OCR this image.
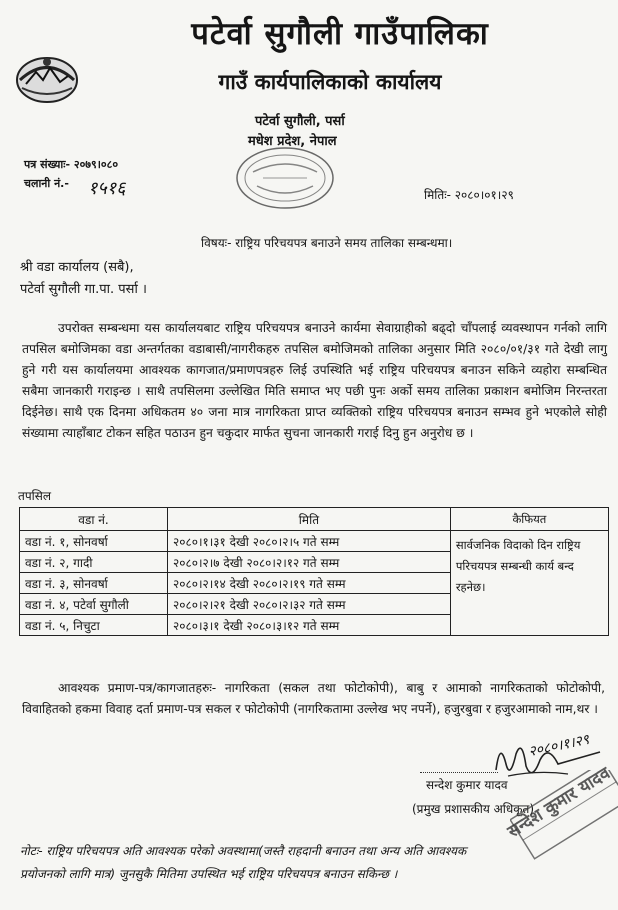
पटेर्वा सुगौली गाउँपालिका
गाउँ कार्यपालिकाको कार्यालय
पटेर्वा सुगौली, पर्सा
मधेश प्रदेश, नेपाल
पत्र संख्याः- २०७९।०८०
चलानी नं.- १५१६	मितिः- २०८०।०१।२९
विषयः- राष्ट्रिय परिचयपत्र बनाउने समय तालिका सम्बन्धमा।
श्री वडा कार्यालय (सबै),
पटेर्वा सुगौली गा.पा. पर्सा ।

उपरोक्त सम्बन्धमा यस कार्यालयबाट राष्ट्रिय परिचयपत्र बनाउने कार्यमा सेवाग्राहीको बढ्दो चाँपलाई व्यवस्थापन गर्नको लागि तपसिल बमोजिमका वडा अन्तर्गतका वडाबासी/नागरीकहरु तपसिल बमोजिमको तालिका अनुसार मिति २०८०/०१/३१ गते देखी लागु हुने गरी यस कार्यालयमा आवश्यक कागजात/प्रमाणपत्रहरु लिई उपस्थिति भई राष्ट्रिय परिचयपत्र बनाउन सकिने व्यहोरा सम्बन्धित सबैमा जानकारी गराइन्छ । साथै तपसिलमा उल्लेखित मिति समाप्त भए पछी पुनः अर्को समय तालिका प्रकाशन बमोजिम निरन्तरता दिईनेछ। साथै एक दिनमा अधिकतम ४० जना मात्र नागरिकता प्राप्त व्यक्तिको राष्ट्रिय परिचयपत्र बनाउन सम्भव हुने भएकोले सोही संख्यामा त्याहाँबाट टोकन सहित पठाउन हुन चकुदार मार्फत सुचना जानकारी गराई दिनु हुन अनुरोध छ ।

तपसिल
वडा नं.	मिति	कैफियत
वडा नं. १, सोनवर्षा	२०८०।१।३१ देखी २०८०।२।५ गते सम्म	सार्वजनिक विदाको दिन राष्ट्रिय परिचयपत्र सम्बन्धी कार्य बन्द रहनेछ।
वडा नं. २, गादी	२०८०।२।७ देखी २०८०।२।१२ गते सम्म	
वडा नं. ३, सोनवर्षा	२०८०।२।१४ देखी २०८०।२।१९ गते सम्म	
वडा नं. ४, पटेर्वा सुगौली	२०८०।२।२१ देखी २०८०।२।३२ गते सम्म	
वडा नं. ५, निचुटा	२०८०।३।१ देखी २०८०।३।१२ गते सम्म	

आवश्यक प्रमाण-पत्र/कागजातहरुः- नागरिकता (सकल तथा फोटोकोपी), बाबु र आमाको नागरिकताको फोटोकोपी, विवाहितको हकमा विवाह दर्ता प्रमाण-पत्र सकल र फोटोकोपी (नागरिकतामा उल्लेख भए नपर्ने), हजुरबुवा र हजुरआमाको नाम,थर ।

२०८०।१।२९
सन्देश कुमार यादव
(प्रमुख प्रशासकीय अधिकृत)
सन्देश कुमार यादव

नोटः- राष्ट्रिय परिचयपत्र अति आवश्यक परेको अवस्थामा(जस्तै राहदानी बनाउन तथा अन्य अति आवश्यक प्रयोजनको लागि मात्र) जुनसुकै मितिमा उपस्थित भई राष्ट्रिय परिचयपत्र बनाउन सकिन्छ ।
